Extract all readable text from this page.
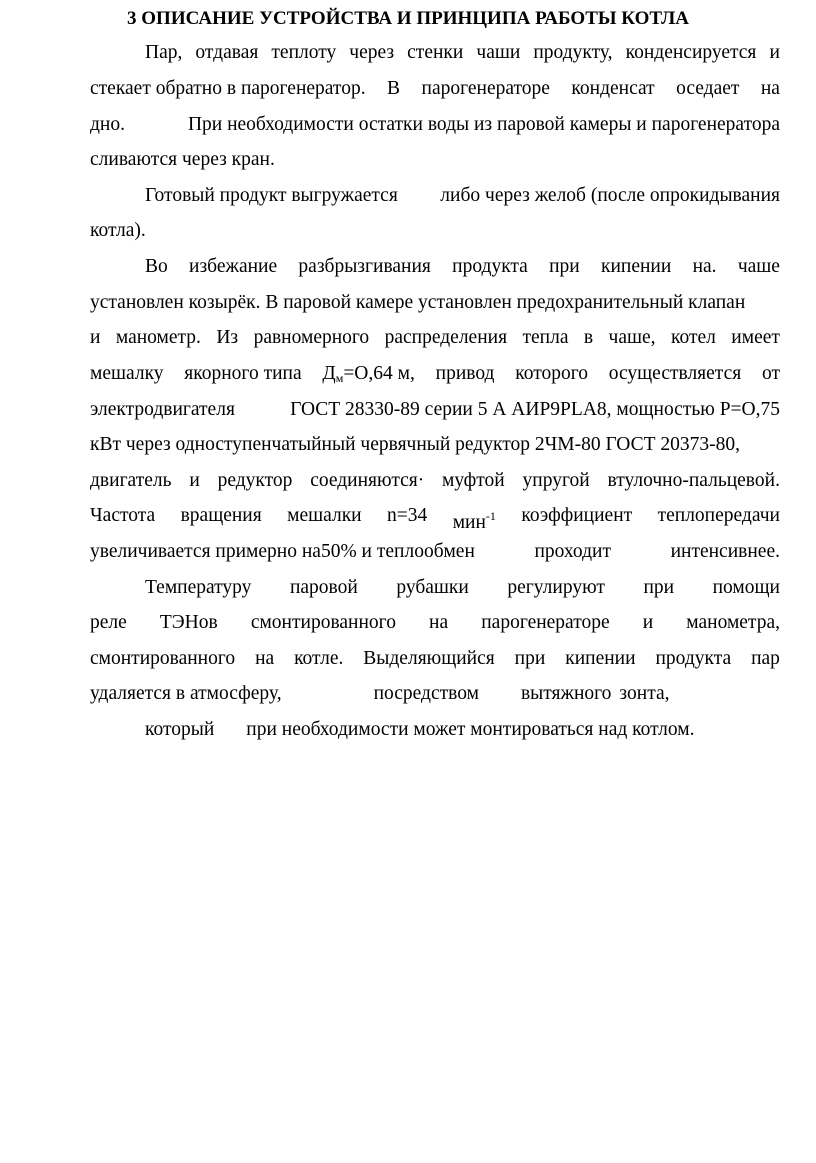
3 ОПИСАНИЕ УСТРОЙСТВА И ПРИНЦИПА РАБОТЫ КОТЛА
Пар, отдавая теплоту через стенки чаши продукту, конденсируется и
стекает обратно в парогенератор. В парогенераторе конденсат оседает на
дно.	При необходимости остатки воды из паровой камеры и парогенератора
сливаются через кран.
Готовый продукт выгружается либо через желоб (после опрокидывания
котла).
Во избежание разбрызгивания продукта при кипении на. чаше
установлен козырёк. В паровой камере установлен предохранительный клапан
и манометр. Из равномерного распределения тепла в чаше, котел имеет
мешалку якорного типа $Д_м=О,64$ м, привод которого осуществляется от
электродвигателя	ГОСТ 28330-89 серии 5 А АИР9PLA8, мощностью Р=О,75
кВт через одноступенчатыйный червячный редуктор 2ЧМ-80 ГОСТ 20373-80,
двигатель и редуктор соединяются· муфтой упругой втулочно-пальцевой.
Частота вращения мешалки n=34 мин$^{-1}$ коэффициент теплопередачи
увеличивается примерно на50% и теплообмен	проходит	интенсивнее.
Температуру паровой рубашки регулируют при помощи
реле ТЭНов смонтированного на парогенераторе и манометра,
смонтированного на котле. Выделяющийся при кипении продукта пар
удаляется в атмосферу,	посредством вытяжного зонта,
который при необходимости может монтироваться над котлом.
